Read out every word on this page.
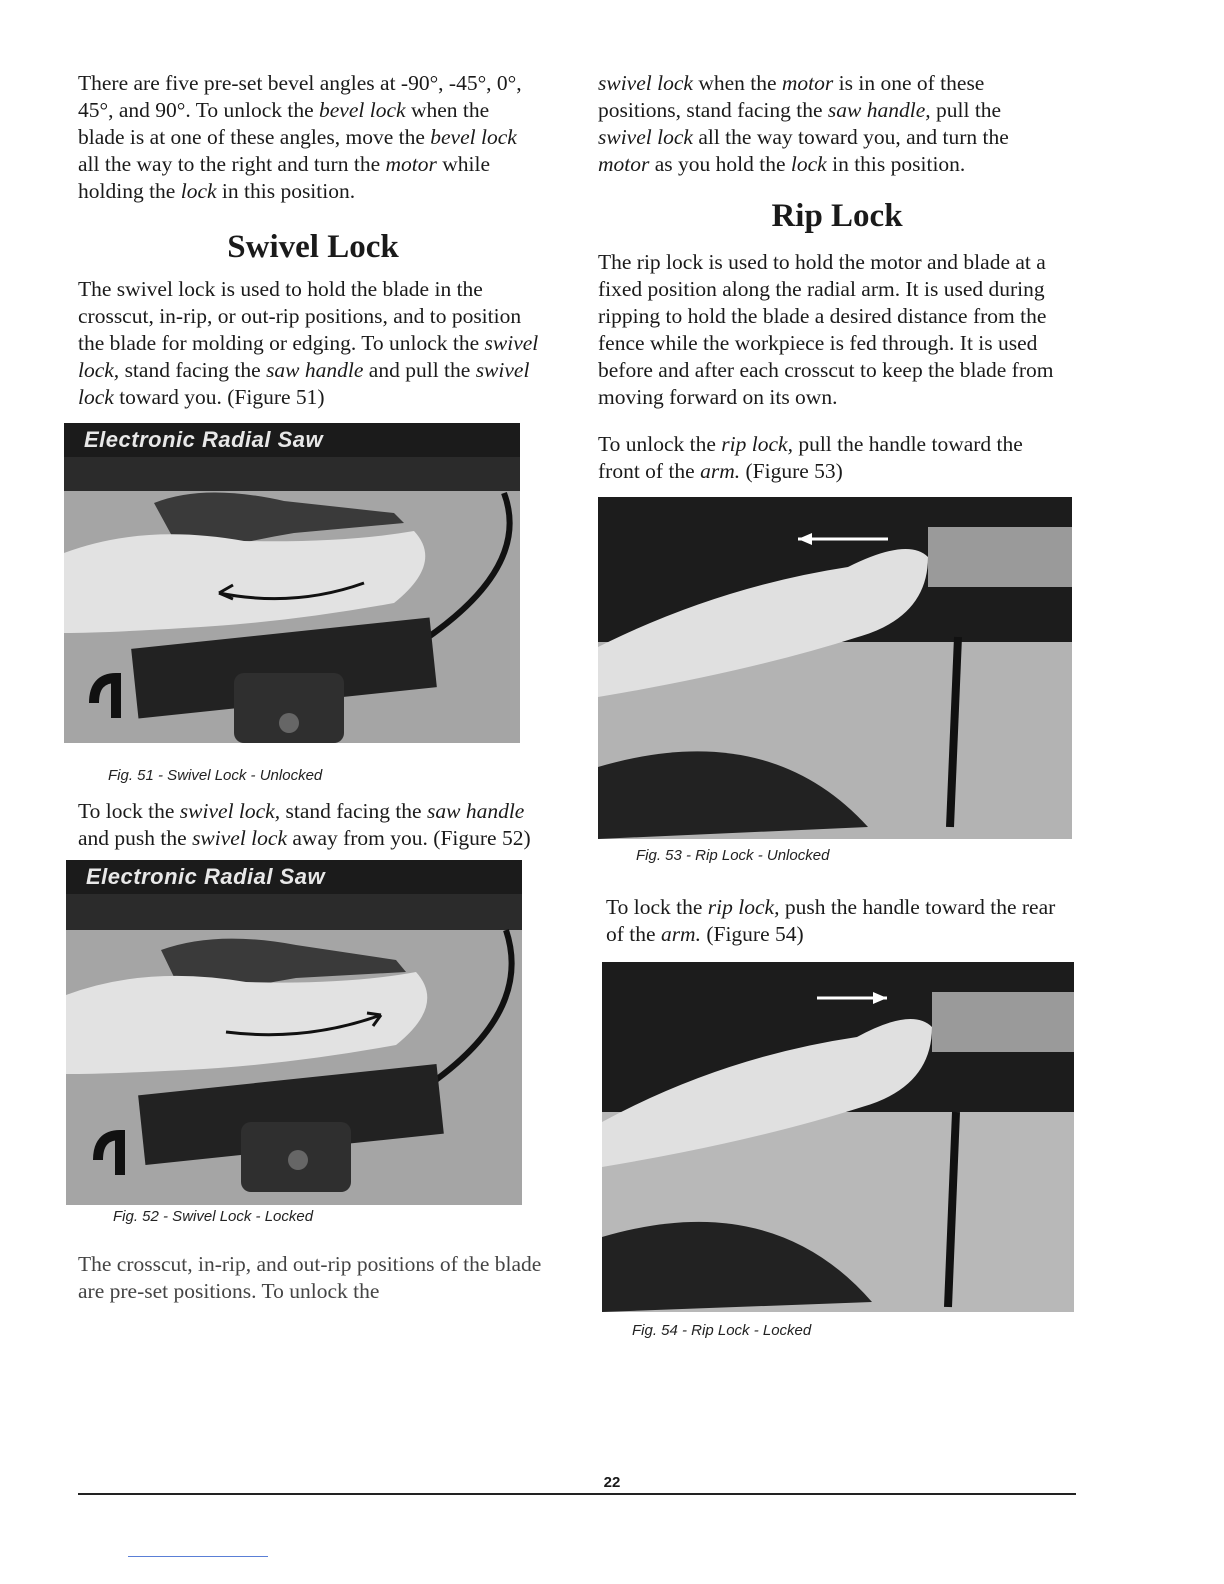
There are five pre-set bevel angles at -90°, -45°, 0°, 45°, and 90°. To unlock the bevel lock when the blade is at one of these angles, move the bevel lock all the way to the right and turn the motor while holding the lock in this position.

Swivel Lock

The swivel lock is used to hold the blade in the crosscut, in-rip, or out-rip positions, and to position the blade for molding or edging. To unlock the swivel lock, stand facing the saw handle and pull the swivel lock toward you. (Figure 51)

Electronic Radial Saw
Fig. 51 - Swivel Lock - Unlocked

To lock the swivel lock, stand facing the saw handle and push the swivel lock away from you. (Figure 52)

Electronic Radial Saw
Fig. 52 - Swivel Lock - Locked

The crosscut, in-rip, and out-rip positions of the blade are pre-set positions. To unlock the

swivel lock when the motor is in one of these positions, stand facing the saw handle, pull the swivel lock all the way toward you, and turn the motor as you hold the lock in this position.

Rip Lock

The rip lock is used to hold the motor and blade at a fixed position along the radial arm. It is used during ripping to hold the blade a desired distance from the fence while the workpiece is fed through. It is used before and after each crosscut to keep the blade from moving forward on its own.

To unlock the rip lock, pull the handle toward the front of the arm. (Figure 53)

Fig. 53 - Rip Lock - Unlocked

To lock the rip lock, push the handle toward the rear of the arm. (Figure 54)

Fig. 54 - Rip Lock - Locked
22
